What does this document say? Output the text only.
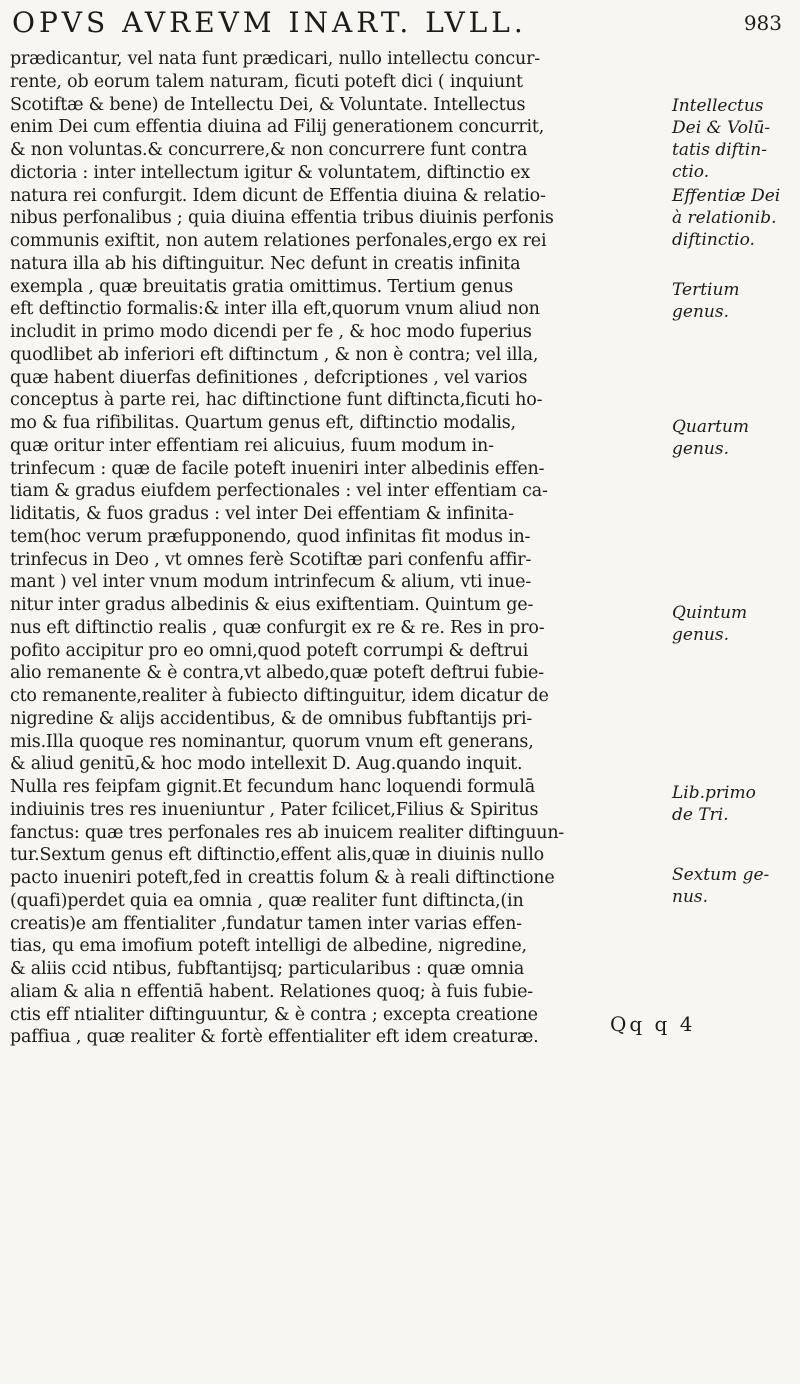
OPVS AVREVM INART. LVLL.	983
prædicantur, vel nata funt prædicari, nullo intellectu concur-
rente, ob eorum talem naturam, ficuti poteft dici ( inquiunt
Scotiftæ & bene) de Intellectu Dei, & Voluntate. Intellectus
enim Dei cum effentia diuina ad Filij generationem concurrit,
& non voluntas.& concurrere,& non concurrere funt contra
dictoria : inter intellectum igitur & voluntatem, diftinctio ex
natura rei confurgit. Idem dicunt de Effentia diuina & relatio-
nibus perfonalibus ; quia diuina effentia tribus diuinis perfonis
communis exiftit, non autem relationes perfonales,ergo ex rei
natura illa ab his diftinguitur. Nec defunt in creatis infinita
exempla , quæ breuitatis gratia omittimus. Tertium genus
eft deftinctio formalis:& inter illa eft,quorum vnum aliud non
includit in primo modo dicendi per fe , & hoc modo fuperius
quodlibet ab inferiori eft diftinctum , & non è contra; vel illa,
quæ habent diuerfas definitiones , defcriptiones , vel varios
conceptus à parte rei, hac diftinctione funt diftincta,ficuti ho-
mo & fua rifibilitas. Quartum genus eft, diftinctio modalis,
quæ oritur inter effentiam rei alicuius, fuum modum in-
trinfecum : quæ de facile poteft inueniri inter albedinis effen-
tiam & gradus eiufdem perfectionales : vel inter effentiam ca-
liditatis, & fuos gradus : vel inter Dei effentiam & infinita-
tem(hoc verum præfupponendo, quod infinitas fit modus in-
trinfecus in Deo , vt omnes ferè Scotiftæ pari confenfu affir-
mant ) vel inter vnum modum intrinfecum & alium, vti inue-
nitur inter gradus albedinis & eius exiftentiam. Quintum ge-
nus eft diftinctio realis , quæ confurgit ex re & re. Res in pro-
pofito accipitur pro eo omni,quod poteft corrumpi & deftrui
alio remanente & è contra,vt albedo,quæ poteft deftrui fubie-
cto remanente,realiter à fubiecto diftinguitur, idem dicatur de
nigredine & alijs accidentibus, & de omnibus fubftantijs pri-
mis.Illa quoque res nominantur, quorum vnum eft generans,
& aliud genitū,& hoc modo intellexit D. Aug.quando inquit.
Nulla res feipfam gignit.Et fecundum hanc loquendi formulā
indiuinis tres res inueniuntur , Pater fcilicet,Filius & Spiritus
fanctus: quæ tres perfonales res ab inuicem realiter diftinguun-
tur.Sextum genus eft diftinctio,effent alis,quæ in diuinis nullo
pacto inueniri poteft,fed in creattis folum & à reali diftinctione
(quafi)perdet quia ea omnia , quæ realiter funt diftincta,(in
creatis)e am ffentialiter ,fundatur tamen inter varias effen-
tias, qu ema imofium poteft intelligi de albedine, nigredine,
& aliis ccid ntibus, fubftantijsq; particularibus : quæ omnia
aliam & alia n effentiā habent. Relationes quoq; à fuis fubie-
ctis eff ntialiter diftinguuntur, & è contra ; excepta creatione
paffiua , quæ realiter & fortè effentialiter eft idem creaturæ.
Intellectus
Dei & Volū-
tatis diftin-
ctio.
Effentiæ Dei
à relationib.
diftinctio.
Tertium
genus.
Quartum
genus.
Quintum
genus.
Lib.primo
de Tri.
Sextum ge-
nus.
Qq q 4
